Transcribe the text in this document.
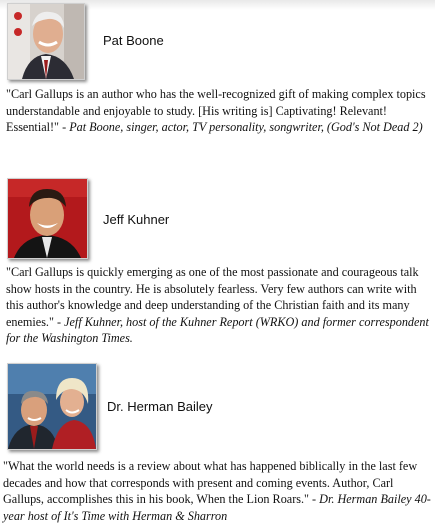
Pat Boone

"Carl Gallups is an author who has the well-recognized gift of making complex topics understandable and enjoyable to study. [His writing is] Captivating! Relevant! Essential!" - Pat Boone, singer, actor, TV personality, songwriter, (God's Not Dead 2)

Jeff Kuhner

"Carl Gallups is quickly emerging as one of the most passionate and courageous talk show hosts in the country. He is absolutely fearless. Very few authors can write with this author's knowledge and deep understanding of the Christian faith and its many enemies." - Jeff Kuhner, host of the Kuhner Report (WRKO) and former correspondent for the Washington Times.

Dr. Herman Bailey

"What the world needs is a review about what has happened biblically in the last few decades and how that corresponds with present and coming events. Author, Carl Gallups, accomplishes this in his book, When the Lion Roars." - Dr. Herman Bailey 40-year host of It's Time with Herman & Sharron
